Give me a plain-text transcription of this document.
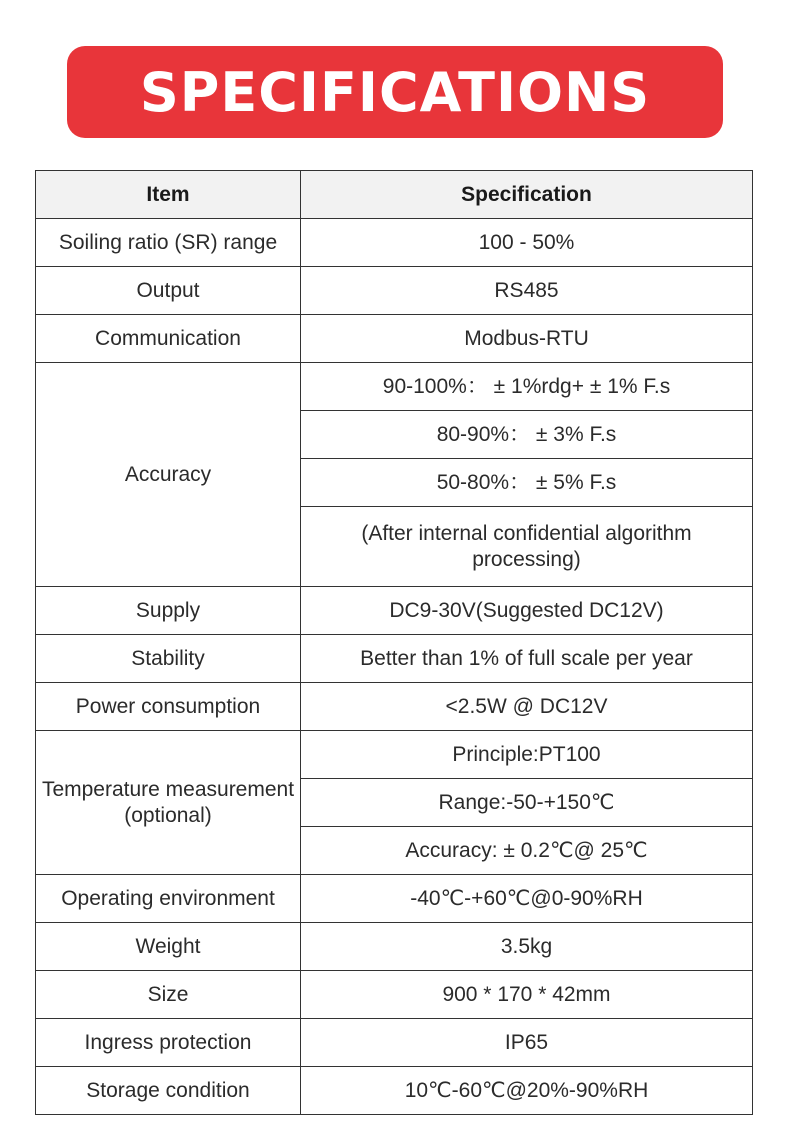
SPECIFICATIONS
Item	Specification
Soiling ratio (SR) range	100 - 50%
Output	RS485
Communication	Modbus-RTU
Accuracy	90-100%： ± 1%rdg+ ± 1% F.s
	80-90%： ± 3% F.s
	50-80%： ± 5% F.s
	(After internal confidential algorithm processing)
Supply	DC9-30V(Suggested DC12V)
Stability	Better than 1% of full scale per year
Power consumption	<2.5W @ DC12V
Temperature measurement (optional)	Principle:PT100
	Range:-50-+150℃
	Accuracy: ± 0.2℃@ 25℃
Operating environment	-40℃-+60℃@0-90%RH
Weight	3.5kg
Size	900 * 170 * 42mm
Ingress protection	IP65
Storage condition	10℃-60℃@20%-90%RH
